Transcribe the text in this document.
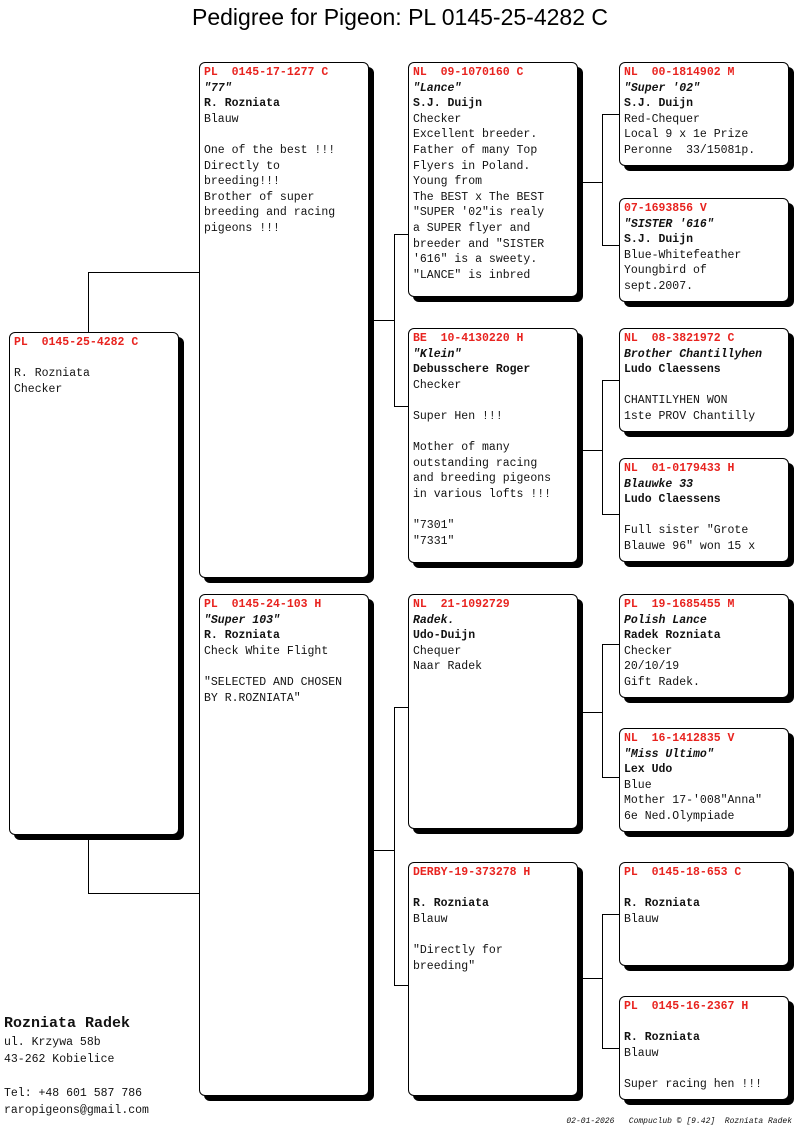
Pedigree for Pigeon: PL 0145-25-4282 C
PL  0145-25-4282 C
R. Rozniata
Checker
PL  0145-17-1277 C
"77"
R. Rozniata
Blauw
One of the best !!!
Directly to
breeding!!!
Brother of super
breeding and racing
pigeons !!!
PL  0145-24-103 H
"Super 103"
R. Rozniata
Check White Flight
"SELECTED AND CHOSEN
BY R.ROZNIATA"
NL  09-1070160 C
"Lance"
S.J. Duijn
Checker
Excellent breeder.
Father of many Top
Flyers in Poland.
Young from
The BEST x The BEST
"SUPER '02"is realy
a SUPER flyer and
breeder and "SISTER
'616" is a sweety.
"LANCE" is inbred
BE  10-4130220 H
"Klein"
Debusschere Roger
Checker
Super Hen !!!
Mother of many
outstanding racing
and breeding pigeons
in various lofts !!!
"7301"
"7331"
NL  21-1092729
Radek.
Udo-Duijn
Chequer
Naar Radek
DERBY-19-373278 H
R. Rozniata
Blauw
"Directly for
breeding"
NL  00-1814902 M
"Super '02"
S.J. Duijn
Red-Chequer
Local 9 x 1e Prize
Peronne  33/15081p.
07-1693856 V
"SISTER '616"
S.J. Duijn
Blue-Whitefeather
Youngbird of
sept.2007.
NL  08-3821972 C
Brother Chantillyhen
Ludo Claessens
CHANTILYHEN WON
1ste PROV Chantilly
NL  01-0179433 H
Blauwke 33
Ludo Claessens
Full sister "Grote
Blauwe 96" won 15 x
PL  19-1685455 M
Polish Lance
Radek Rozniata
Checker
20/10/19
Gift Radek.
NL  16-1412835 V
"Miss Ultimo"
Lex Udo
Blue
Mother 17-'008"Anna"
6e Ned.Olympiade
PL  0145-18-653 C
R. Rozniata
Blauw
PL  0145-16-2367 H
R. Rozniata
Blauw
Super racing hen !!!
Rozniata Radek
ul. Krzywa 58b
43-262 Kobielice
Tel: +48 601 587 786
raropigeons@gmail.com
02-01-2026   Compuclub © [9.42]  Rozniata Radek
